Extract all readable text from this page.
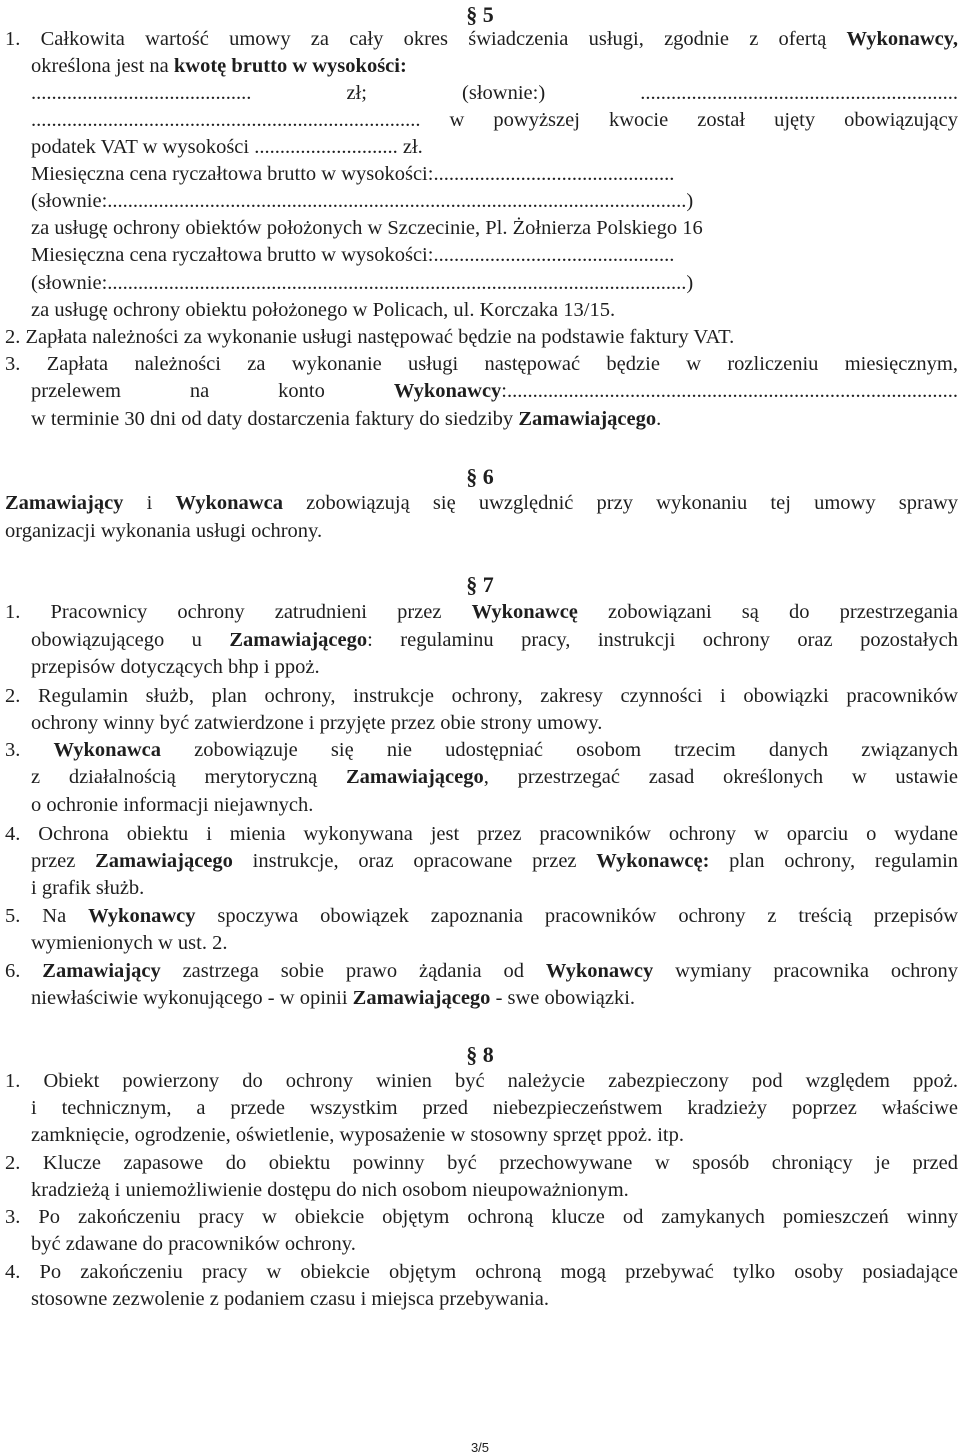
§ 5
1. Całkowita wartość umowy za cały okres świadczenia usługi, zgodnie z ofertą Wykonawcy,
określona jest na kwotę brutto w wysokości:
........................................... zł; (słownie:) ..............................................................
............................................................................ w powyższej kwocie został ujęty obowiązujący
podatek VAT w wysokości ............................ zł.
Miesięczna cena ryczałtowa brutto w wysokości:...............................................
(słownie:.................................................................................................................)
za usługę ochrony obiektów położonych w Szczecinie, Pl. Żołnierza Polskiego 16
Miesięczna cena ryczałtowa brutto w wysokości:...............................................
(słownie:.................................................................................................................)
za usługę ochrony obiektu położonego w Policach, ul. Korczaka 13/15.
2. Zapłata należności za wykonanie usługi następować będzie na podstawie faktury VAT.
3. Zapłata należności za wykonanie usługi następować będzie w rozliczeniu miesięcznym,
przelewem na konto Wykonawcy:........................................................................................
w terminie 30 dni od daty dostarczenia faktury do siedziby Zamawiającego.
§ 6
Zamawiający i Wykonawca zobowiązują się uwzględnić przy wykonaniu tej umowy sprawy
organizacji wykonania usługi ochrony.
§ 7
1. Pracownicy ochrony zatrudnieni przez Wykonawcę zobowiązani są do przestrzegania
obowiązującego u Zamawiającego: regulaminu pracy, instrukcji ochrony oraz pozostałych
przepisów dotyczących bhp i ppoż.
2. Regulamin służb, plan ochrony, instrukcje ochrony, zakresy czynności i obowiązki pracowników
ochrony winny być zatwierdzone i przyjęte przez obie strony umowy.
3. Wykonawca zobowiązuje się nie udostępniać osobom trzecim danych związanych
z działalnością merytoryczną Zamawiającego, przestrzegać zasad określonych w ustawie
o ochronie informacji niejawnych.
4. Ochrona obiektu i mienia wykonywana jest przez pracowników ochrony w oparciu o wydane
przez Zamawiającego instrukcje, oraz opracowane przez Wykonawcę: plan ochrony, regulamin
i grafik służb.
5. Na Wykonawcy spoczywa obowiązek zapoznania pracowników ochrony z treścią przepisów
wymienionych w ust. 2.
6. Zamawiający zastrzega sobie prawo żądania od Wykonawcy wymiany pracownika ochrony
niewłaściwie wykonującego - w opinii Zamawiającego - swe obowiązki.
§ 8
1. Obiekt powierzony do ochrony winien być należycie zabezpieczony pod względem ppoż.
i technicznym, a przede wszystkim przed niebezpieczeństwem kradzieży poprzez właściwe
zamknięcie, ogrodzenie, oświetlenie, wyposażenie w stosowny sprzęt ppoż. itp.
2. Klucze zapasowe do obiektu powinny być przechowywane w sposób chroniący je przed
kradzieżą i uniemożliwienie dostępu do nich osobom nieupoważnionym.
3. Po zakończeniu pracy w obiekcie objętym ochroną klucze od zamykanych pomieszczeń winny
być zdawane do pracowników ochrony.
4. Po zakończeniu pracy w obiekcie objętym ochroną mogą przebywać tylko osoby posiadające
stosowne zezwolenie z podaniem czasu i miejsca przebywania.
3/5
